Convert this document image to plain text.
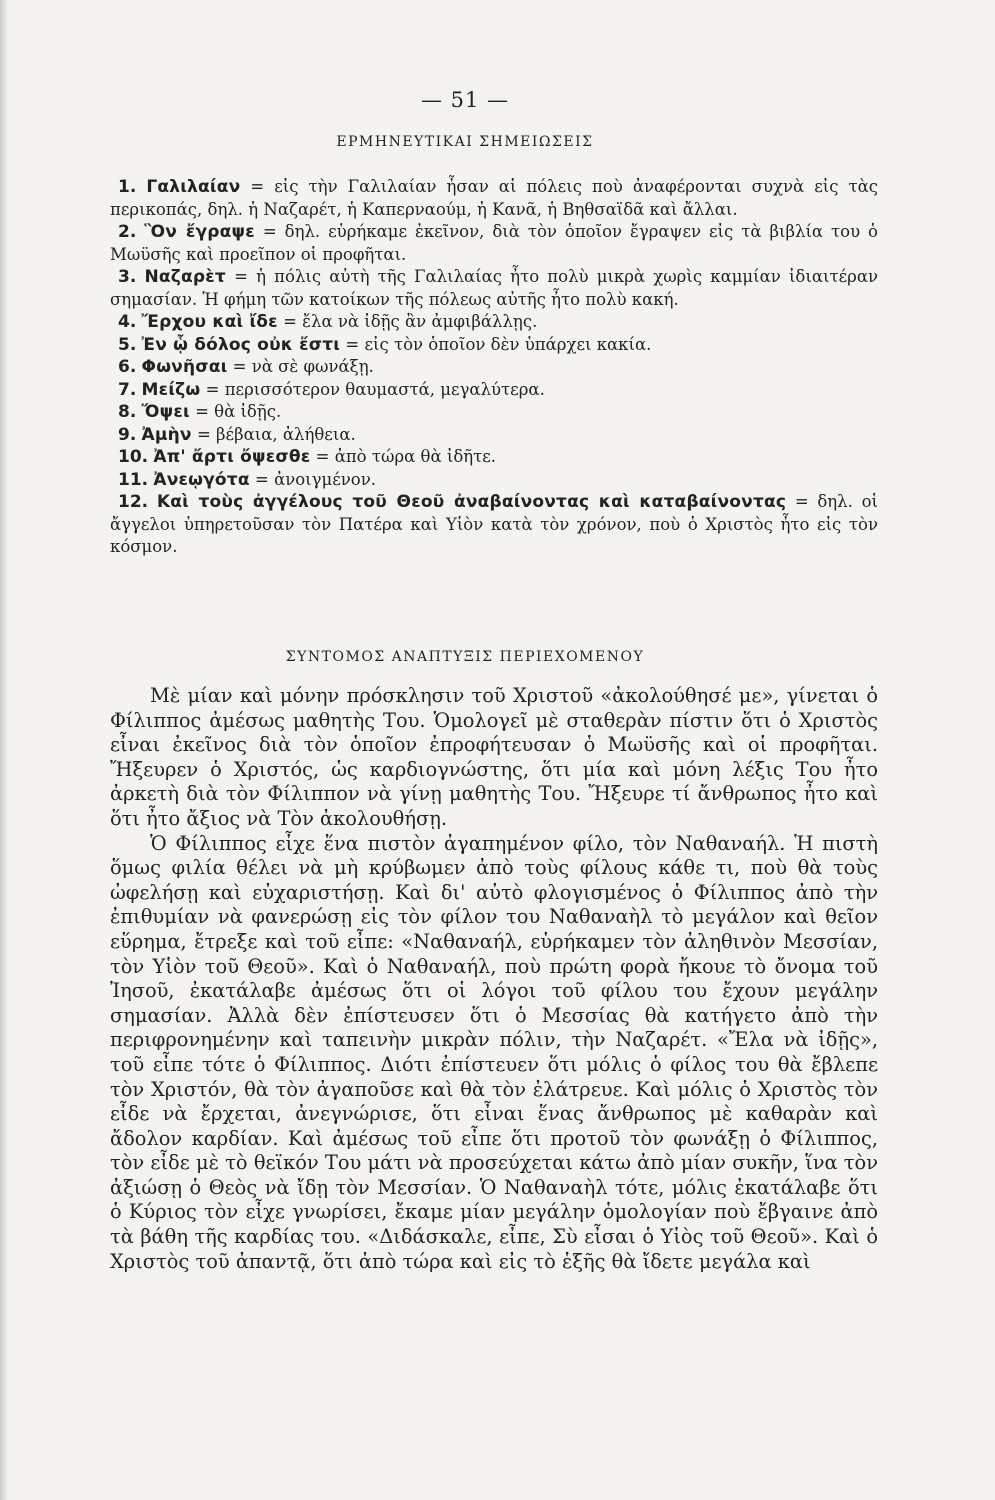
— 51 —
ΕΡΜΗΝΕΥΤΙΚΑΙ ΣΗΜΕΙΩΣΕΙΣ

1. Γαλιλαίαν = εἰς τὴν Γαλιλαίαν ἦσαν αἱ πόλεις ποὺ ἀναφέρονται συχνὰ εἰς τὰς περικοπάς, δηλ. ἡ Ναζαρέτ, ἡ Καπερναούμ, ἡ Κανᾶ, ἡ Βηθσαϊδᾶ καὶ ἄλλαι.

2. Ὃν ἔγραψε = δηλ. εὑρήκαμε ἐκεῖνον, διὰ τὸν ὁποῖον ἔγραψεν εἰς τὰ βιβλία του ὁ Μωϋσῆς καὶ προεῖπον οἱ προφῆται.

3. Ναζαρὲτ = ἡ πόλις αὐτὴ τῆς Γαλιλαίας ἦτο πολὺ μικρὰ χωρὶς καμμίαν ἰδιαιτέραν σημασίαν. Ἡ φήμη τῶν κατοίκων τῆς πόλεως αὐτῆς ἦτο πολὺ κακή.

4. Ἔρχου καὶ ἴδε = ἔλα νὰ ἰδῇς ἂν ἀμφιβάλλῃς.

5. Ἐν ᾧ δόλος οὐκ ἔστι = εἰς τὸν ὁποῖον δὲν ὑπάρχει κακία.

6. Φωνῆσαι = νὰ σὲ φωνάξῃ.

7. Μείζω = περισσότερον θαυμαστά, μεγαλύτερα.

8. Ὄψει = θὰ ἰδῇς.

9. Ἀμὴν = βέβαια, ἀλήθεια.

10. Ἀπ' ἄρτι ὄψεσθε = ἀπὸ τώρα θὰ ἰδῆτε.

11. Ἀνεῳγότα = ἀνοιγμένον.

12. Καὶ τοὺς ἀγγέλους τοῦ Θεοῦ ἀναβαίνοντας καὶ καταβαίνοντας = δηλ. οἱ ἄγγελοι ὑπηρετοῦσαν τὸν Πατέρα καὶ Υἱὸν κατὰ τὸν χρόνον, ποὺ ὁ Χριστὸς ἦτο εἰς τὸν κόσμον.

ΣΥΝΤΟΜΟΣ ΑΝΑΠΤΥΞΙΣ ΠΕΡΙΕΧΟΜΕΝΟΥ

Μὲ μίαν καὶ μόνην πρόσκλησιν τοῦ Χριστοῦ «ἀκολούθησέ με», γίνεται ὁ Φίλιππος ἀμέσως μαθητὴς Του. Ὁμολογεῖ μὲ σταθερὰν πίστιν ὅτι ὁ Χριστὸς εἶναι ἐκεῖνος διὰ τὸν ὁποῖον ἐπροφήτευσαν ὁ Μωϋσῆς καὶ οἱ προφῆται. Ἤξευρεν ὁ Χριστός, ὡς καρδιογνώστης, ὅτι μία καὶ μόνη λέξις Του ἦτο ἀρκετὴ διὰ τὸν Φίλιππον νὰ γίνῃ μαθητὴς Του. Ἤξευρε τί ἄνθρωπος ἦτο καὶ ὅτι ἦτο ἄξιος νὰ Τὸν ἀκολουθήσῃ.

Ὁ Φίλιππος εἶχε ἕνα πιστὸν ἀγαπημένον φίλο, τὸν Ναθαναήλ. Ἡ πιστὴ ὅμως φιλία θέλει νὰ μὴ κρύβωμεν ἀπὸ τοὺς φίλους κάθε τι, ποὺ θὰ τοὺς ὠφελήσῃ καὶ εὐχαριστήσῃ. Καὶ δι' αὐτὸ φλογισμένος ὁ Φίλιππος ἀπὸ τὴν ἐπιθυμίαν νὰ φανερώσῃ εἰς τὸν φίλον του Ναθαναὴλ τὸ μεγάλον καὶ θεῖον εὕρημα, ἔτρεξε καὶ τοῦ εἶπε: «Ναθαναήλ, εὑρήκαμεν τὸν ἀληθινὸν Μεσσίαν, τὸν Υἱὸν τοῦ Θεοῦ». Καὶ ὁ Ναθαναήλ, ποὺ πρώτη φορὰ ἤκουε τὸ ὄνομα τοῦ Ἰησοῦ, ἐκατάλαβε ἀμέσως ὅτι οἱ λόγοι τοῦ φίλου του ἔχουν μεγάλην σημασίαν. Ἀλλὰ δὲν ἐπίστευσεν ὅτι ὁ Μεσσίας θὰ κατήγετο ἀπὸ τὴν περιφρονημένην καὶ ταπεινὴν μικρὰν πόλιν, τὴν Ναζαρέτ. «Ἔλα νὰ ἰδῇς», τοῦ εἶπε τότε ὁ Φίλιππος. Διότι ἐπίστευεν ὅτι μόλις ὁ φίλος του θὰ ἔβλεπε τὸν Χριστόν, θὰ τὸν ἀγαποῦσε καὶ θὰ τὸν ἐλάτρευε. Καὶ μόλις ὁ Χριστὸς τὸν εἶδε νὰ ἔρχεται, ἀνεγνώρισε, ὅτι εἶναι ἕνας ἄνθρωπος μὲ καθαρὰν καὶ ἄδολον καρδίαν. Καὶ ἀμέσως τοῦ εἶπε ὅτι προτοῦ τὸν φωνάξῃ ὁ Φίλιππος, τὸν εἶδε μὲ τὸ θεϊκόν Του μάτι νὰ προσεύχεται κάτω ἀπὸ μίαν συκῆν, ἵνα τὸν ἀξιώσῃ ὁ Θεὸς νὰ ἴδῃ τὸν Μεσσίαν. Ὁ Ναθαναὴλ τότε, μόλις ἐκατάλαβε ὅτι ὁ Κύριος τὸν εἶχε γνωρίσει, ἔκαμε μίαν μεγάλην ὁμολογίαν ποὺ ἔβγαινε ἀπὸ τὰ βάθη τῆς καρδίας του. «Διδάσκαλε, εἶπε, Σὺ εἶσαι ὁ Υἱὸς τοῦ Θεοῦ». Καὶ ὁ Χριστὸς τοῦ ἀπαντᾷ, ὅτι ἀπὸ τώρα καὶ εἰς τὸ ἑξῆς θὰ ἴδετε μεγάλα καὶ
